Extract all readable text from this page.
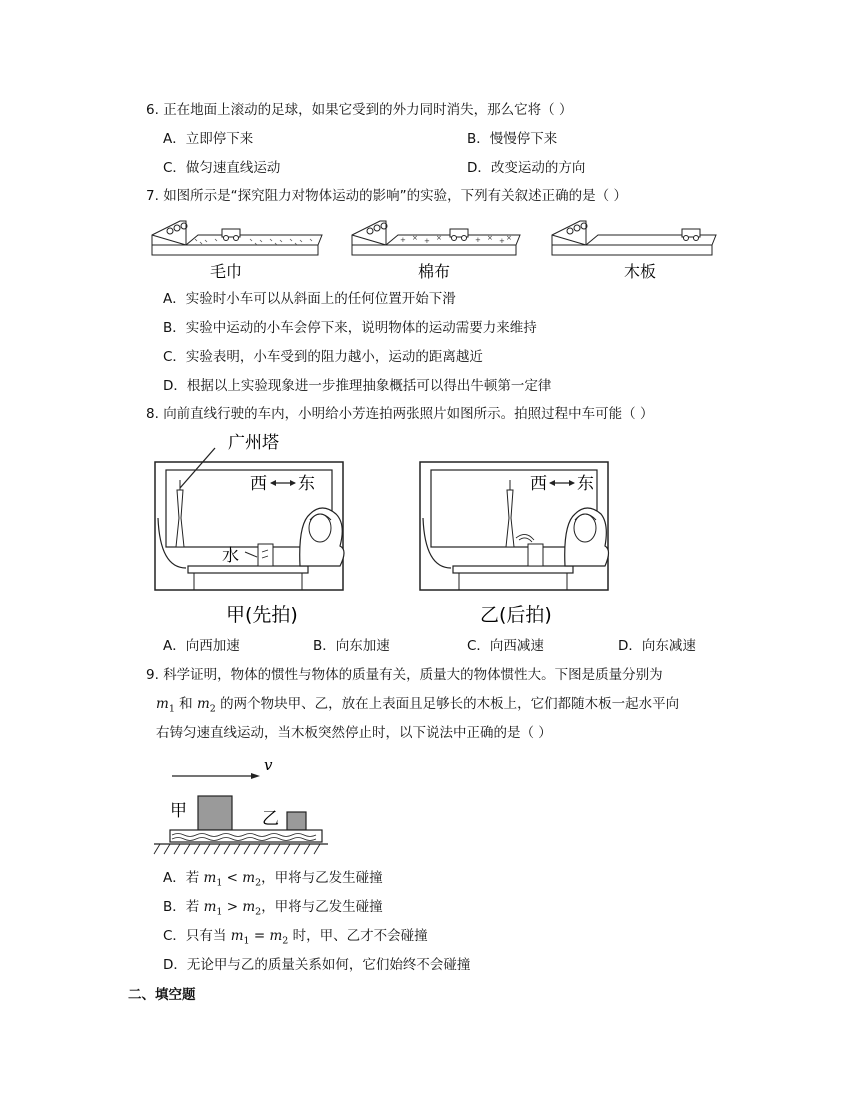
6. 正在地面上滚动的足球，如果它受到的外力同时消失，那么它将（ ）
A．立即停下来	B．慢慢停下来
C．做匀速直线运动	D．改变运动的方向
7. 如图所示是“探究阻力对物体运动的影响”的实验，下列有关叙述正确的是（ ）
+ × + ×	+ × + ×
毛巾	棉布	木板
A．实验时小车可以从斜面上的任何位置开始下滑
B．实验中运动的小车会停下来，说明物体的运动需要力来维持
C．实验表明，小车受到的阻力越小，运动的距离越近
D．根据以上实验现象进一步推理抽象概括可以得出牛顿第一定律
8. 向前直线行驶的车内，小明给小芳连拍两张照片如图所示。拍照过程中车可能（ ）
广州塔
西 东
水
西 东
甲(先拍)	乙(后拍)
A．向西加速	B．向东加速	C．向西减速	D．向东减速
9. 科学证明，物体的惯性与物体的质量有关，质量大的物体惯性大。下图是质量分别为
$m_1$ 和 $m_2$ 的两个物块甲、乙，放在上表面且足够长的木板上，它们都随木板一起水平向
右铸匀速直线运动，当木板突然停止时，以下说法中正确的是（ ）
v
甲	乙
A．若 $m_1 < m_2$，甲将与乙发生碰撞
B．若 $m_1 > m_2$，甲将与乙发生碰撞
C．只有当 $m_1 = m_2$ 时，甲、乙才不会碰撞
D．无论甲与乙的质量关系如何，它们始终不会碰撞
二、填空题
